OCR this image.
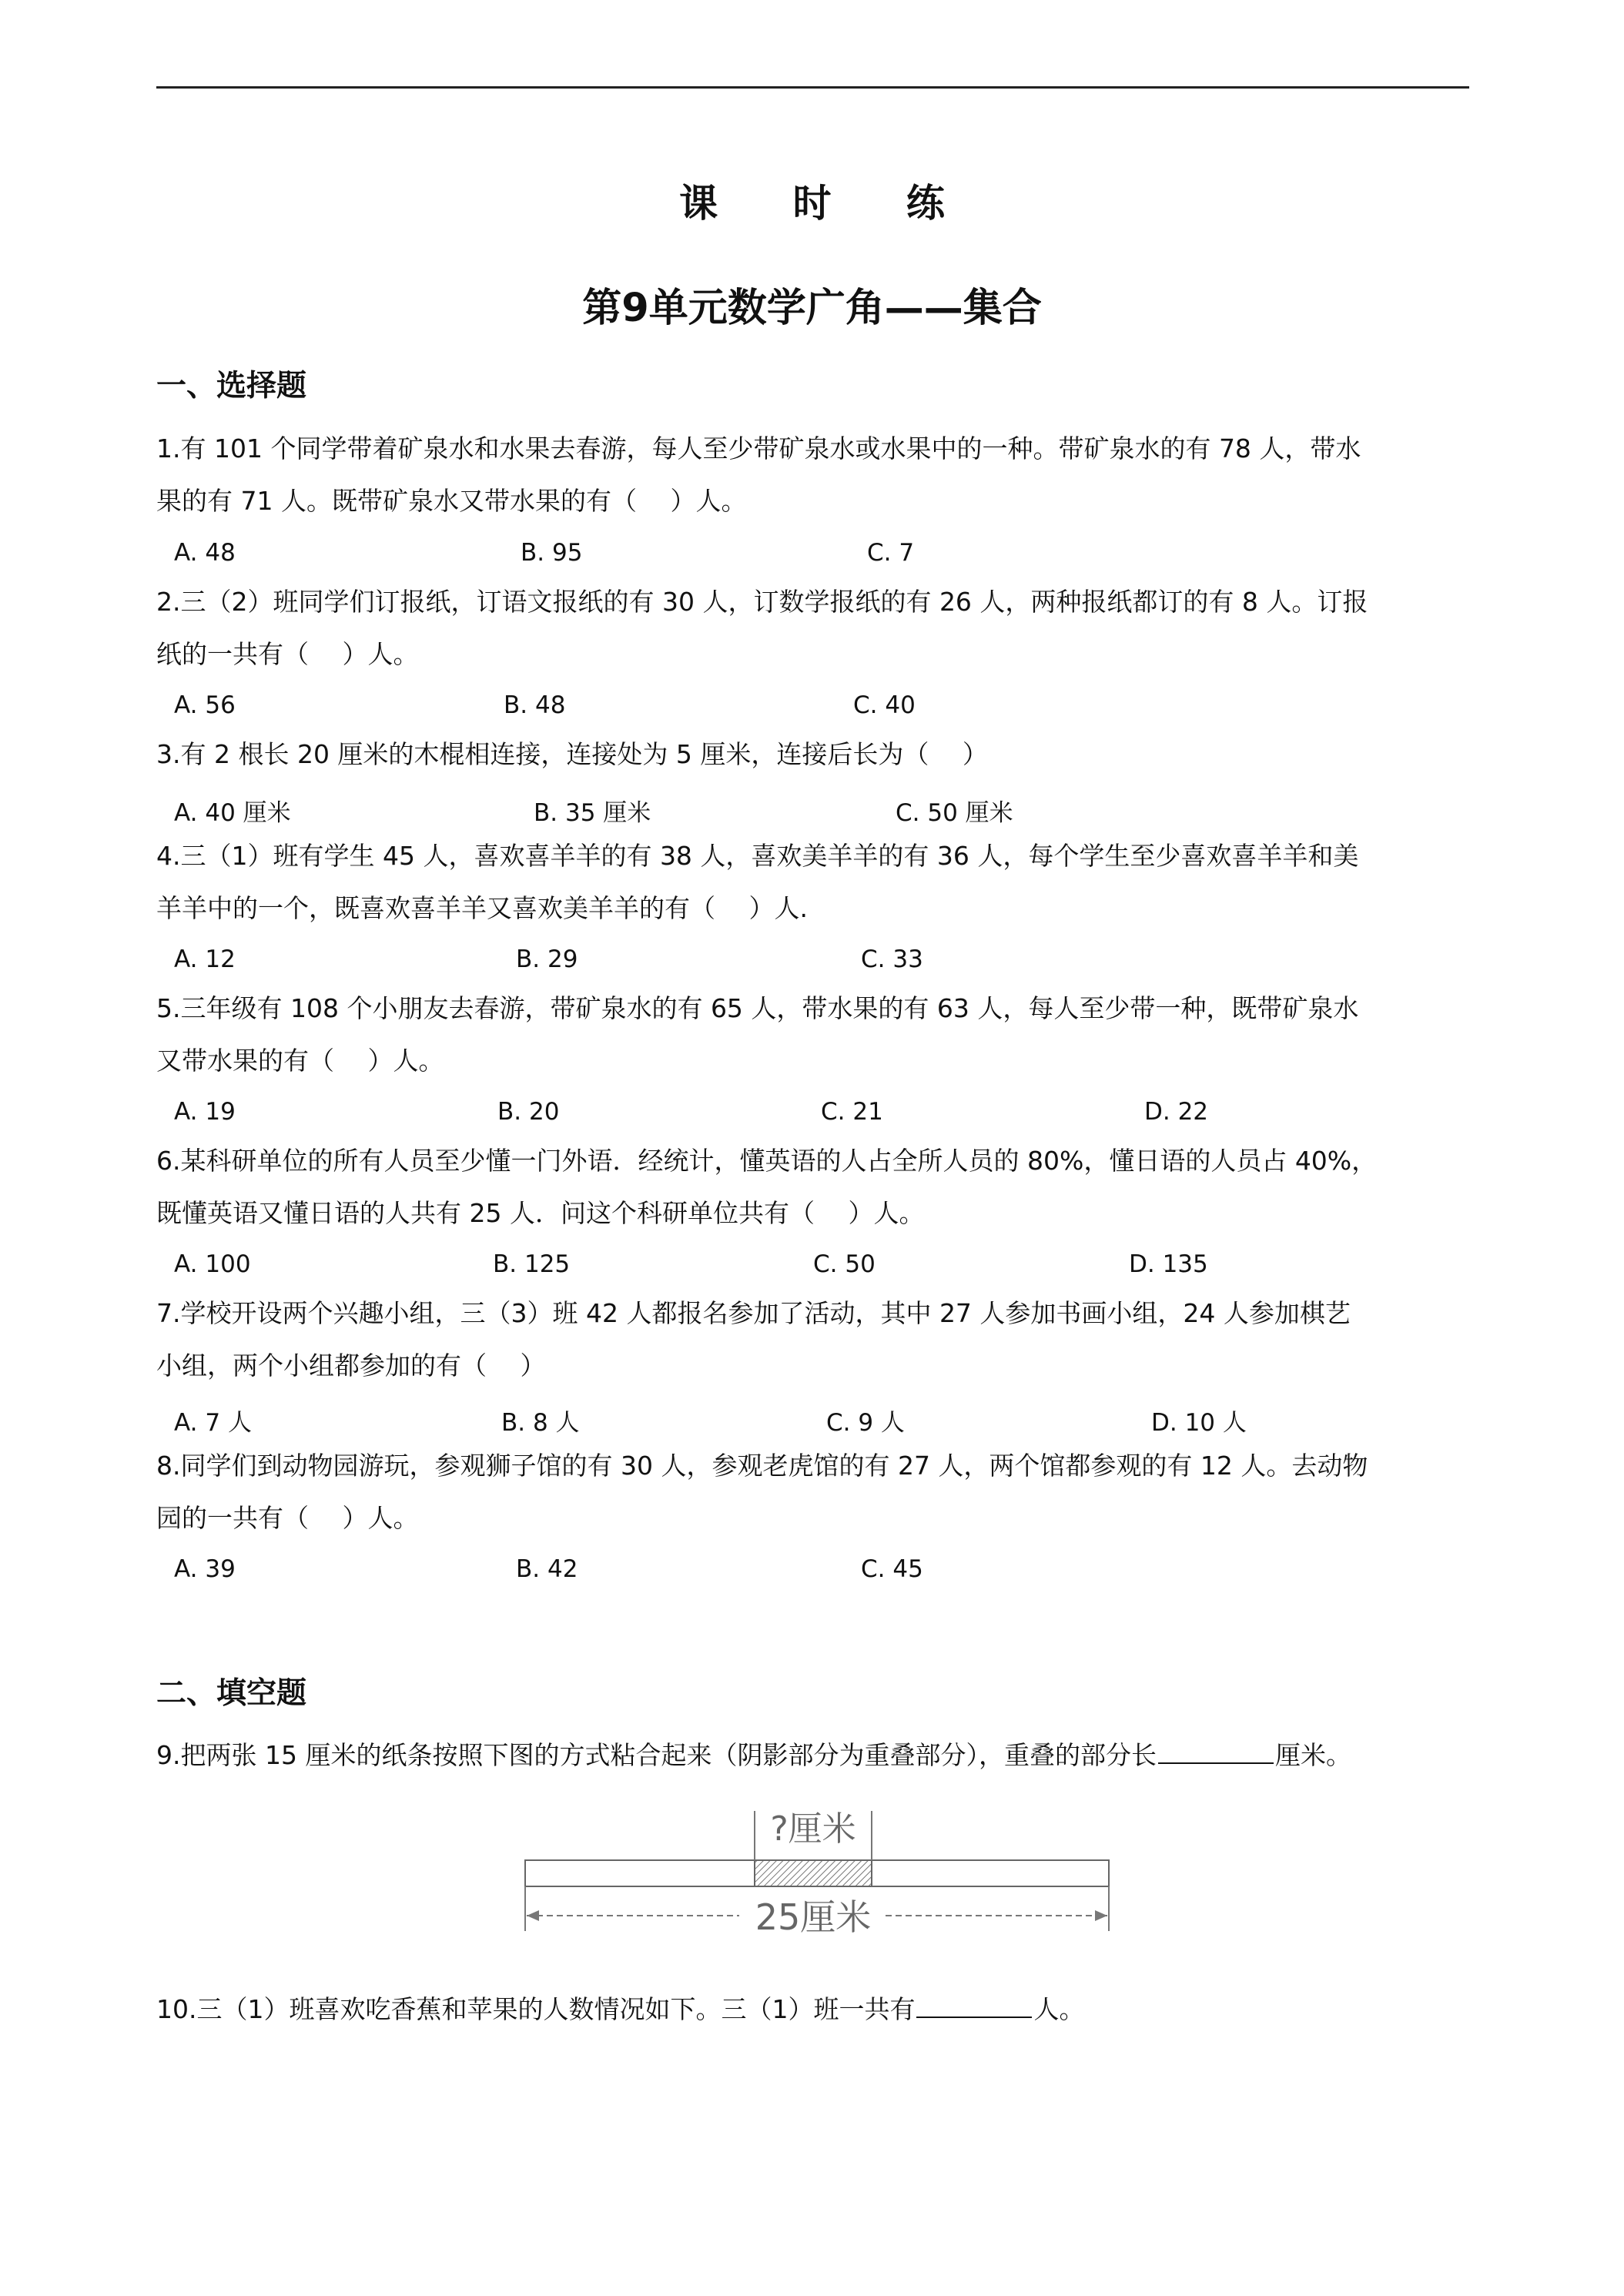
课 时 练
第9单元数学广角——集合
一、选择题
1.有 101 个同学带着矿泉水和水果去春游，每人至少带矿泉水或水果中的一种。带矿泉水的有 78 人，带水
果的有 71 人。既带矿泉水又带水果的有（　 ）人。
A. 48	B. 95	C. 7
2.三（2）班同学们订报纸，订语文报纸的有 30 人，订数学报纸的有 26 人，两种报纸都订的有 8 人。订报
纸的一共有（　 ）人。
A. 56	B. 48	C. 40
3.有 2 根长 20 厘米的木棍相连接，连接处为 5 厘米，连接后长为（　 ）
A. 40 厘米	B. 35 厘米	C. 50 厘米
4.三（1）班有学生 45 人，喜欢喜羊羊的有 38 人，喜欢美羊羊的有 36 人，每个学生至少喜欢喜羊羊和美
羊羊中的一个，既喜欢喜羊羊又喜欢美羊羊的有（　 ）人.
A. 12	B. 29	C. 33
5.三年级有 108 个小朋友去春游，带矿泉水的有 65 人，带水果的有 63 人，每人至少带一种，既带矿泉水
又带水果的有（　 ）人。
A. 19	B. 20	C. 21	D. 22
6.某科研单位的所有人员至少懂一门外语．经统计，懂英语的人占全所人员的 80%，懂日语的人员占 40%，
既懂英语又懂日语的人共有 25 人．问这个科研单位共有（　 ）人。
A. 100	B. 125	C. 50	D. 135
7.学校开设两个兴趣小组，三（3）班 42 人都报名参加了活动，其中 27 人参加书画小组，24 人参加棋艺
小组，两个小组都参加的有（　 ）
A. 7 人	B. 8 人	C. 9 人	D. 10 人
8.同学们到动物园游玩，参观狮子馆的有 30 人，参观老虎馆的有 27 人，两个馆都参观的有 12 人。去动物
园的一共有（　 ）人。
A. 39	B. 42	C. 45
二、填空题
9.把两张 15 厘米的纸条按照下图的方式粘合起来（阴影部分为重叠部分），重叠的部分长	厘米。
?厘米
25厘米
10.三（1）班喜欢吃香蕉和苹果的人数情况如下。三（1）班一共有	人。
